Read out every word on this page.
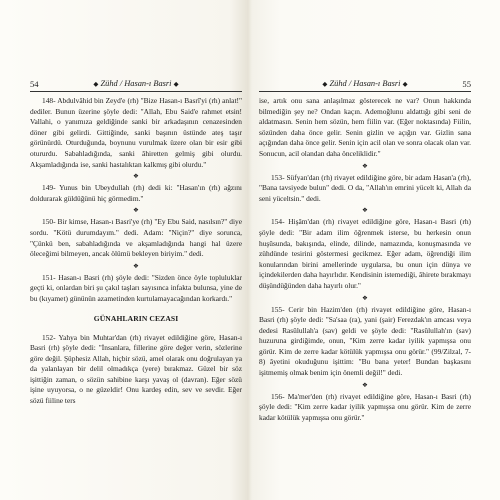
54	◆ Zühd / Hasan-ı Basri ◆

148- Abdulvâhid bin Zeyd'e (rh) "Bize Hasan-ı Basrî'yi (rh) anlat!" dediler. Bunun üzerine şöyle dedi: "Allah, Ebu Said'e rahmet etsin! Vallahi, o yanımıza geldiğinde sanki bir arkadaşının cenazesinden döner gibi gelirdi. Gittiğinde, sanki başının üstünde ateş taşır görünürdü. Oturduğunda, boynunu vurulmak üzere olan bir esir gibi otururdu. Sabahladığında, sanki âhiretten gelmiş gibi olurdu. Akşamladığında ise, sanki hastalıktan kalkmış gibi olurdu."

❖

149- Yunus bin Ubeydullah (rh) dedi ki: "Hasan'ın (rh) ağzını doldurarak güldüğünü hiç görmedim."

❖

150- Bir kimse, Hasan-ı Basri'ye (rh) "Ey Ebu Said, nasılsın?" diye sordu. "Kötü durumdayım." dedi. Adam: "Niçin?" diye sorunca, "Çünkü ben, sabahladığında ve akşamladığında hangi hal üzere öleceğimi bilmeyen, ancak ölümü bekleyen biriyim." dedi.

❖

151- Hasan-ı Basri (rh) şöyle dedi: "Sizden önce öyle topluluklar geçti ki, onlardan biri şu çakıl taşları sayısınca infakta bulunsa, yine de bu (kıyamet) gününün azametinden kurtulamayacağından korkardı."

GÜNAHLARIN CEZASI

152- Yahya bin Muhtar'dan (rh) rivayet edildiğine göre, Hasan-ı Basri (rh) şöyle dedi: "İnsanlara, fillerine göre değer verin, sözlerine göre değil. Şüphesiz Allah, hiçbir sözü, amel olarak onu doğrulayan ya da yalanlayan bir delil olmadıkça (yere) bırakmaz. Güzel bir söz işittiğin zaman, o sözün sahibine karşı yavaş ol (davran). Eğer sözü işine uyuyorsa, o ne güzeldir! Onu kardeş edin, sev ve sevdir. Eğer sözü fiiline ters

◆ Zühd / Hasan-ı Basri ◆	55

ise, artık onu sana anlaşılmaz gösterecek ne var? Onun hakkında bilmediğin şey ne? Ondan kaçın. Ademoğlunu aldattığı gibi seni de aldatmasın. Senin hem sözün, hem fiilin var. (Eğer noktasında) Fiilin, sözünden daha önce gelir. Senin gizlin ve açığın var. Gizlin sana açığından daha önce gelir. Senin için acil olan ve sonra olacak olan var. Sonucun, acil olandan daha önceliklidir."

❖

153- Süfyan'dan (rh) rivayet edildiğine göre, bir adam Hasan'a (rh), "Bana tavsiyede bulun" dedi. O da, "Allah'ın emrini yücelt ki, Allah da seni yüceltsin." dedi.

❖

154- Hişâm'dan (rh) rivayet edildiğine göre, Hasan-ı Basri (rh) şöyle dedi: "Bir adam ilim öğrenmek isterse, bu herkesin onun huşûsunda, bakışında, elinde, dilinde, namazında, konuşmasında ve zühdünde tesirini göstermesi gecikmez. Eğer adam, öğrendiği ilim konularından birini amellerinde uygularsa, bu onun için dünya ve içindekilerden daha hayırlıdır. Kendisinin istemediği, âhirete bırakmayı düşündüğünden daha hayırlı olur."

❖

155- Cerir bin Hazim'den (rh) rivayet edildiğine göre, Hasan-ı Basri (rh) şöyle dedi: "Sa'saa (ra), yani (şair) Ferezdak'ın amcası veya dedesi Rasûlullah'a (sav) geldi ve şöyle dedi: "Rasûlullah'ın (sav) huzuruna girdiğimde, onun, "Kim zerre kadar iyilik yapmışsa onu görür. Kim de zerre kadar kötülük yapmışsa onu görür." (99/Zilzal, 7-8) âyetini okuduğunu işittim: "Bu bana yeter! Bundan başkasını işitmemiş olmak benim için önemli değil!" dedi.

❖

156- Ma'mer'den (rh) rivayet edildiğine göre, Hasan-ı Basri (rh) şöyle dedi: "Kim zerre kadar iyilik yapmışsa onu görür. Kim de zerre kadar kötülük yapmışsa onu görür."
